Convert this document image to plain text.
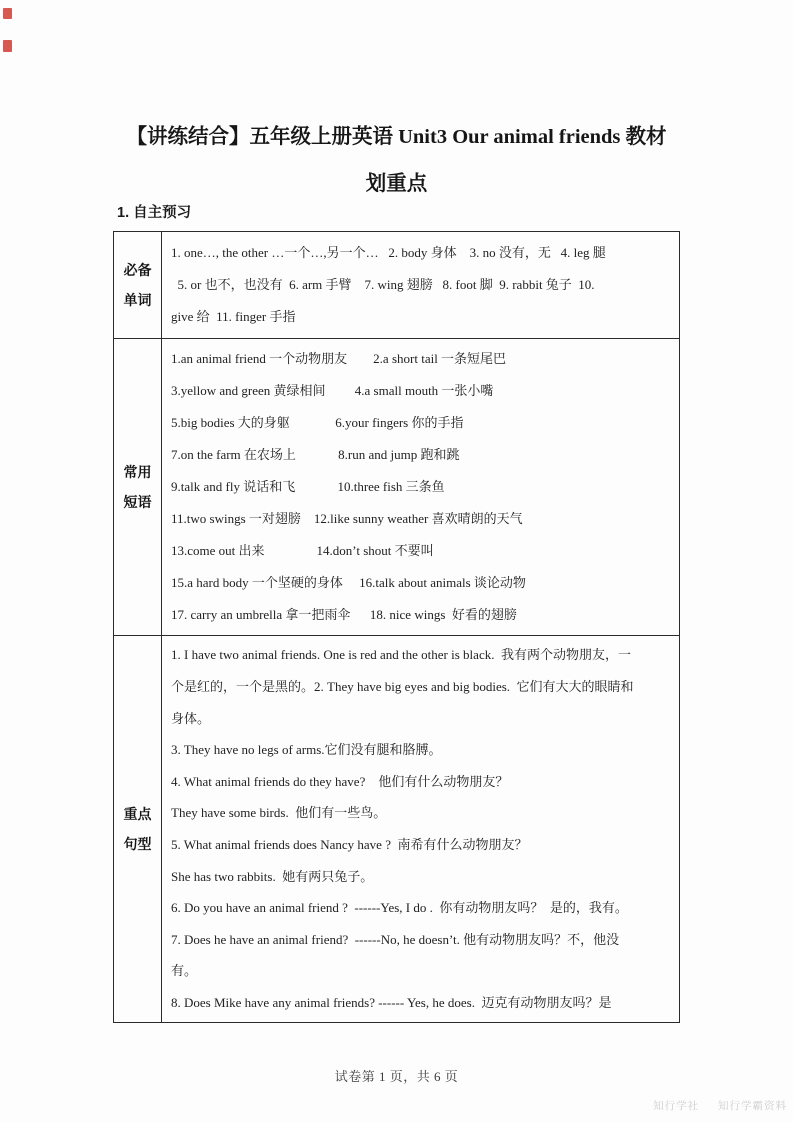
【讲练结合】五年级上册英语 Unit3 Our animal friends 教材
划重点
1. 自主预习
必备
单词

1. one…, the other …一个…,另一个…   2. body 身体    3. no 没有，无   4. leg 腿
5. or 也不，也没有  6. arm 手臂    7. wing 翅膀   8. foot 脚  9. rabbit 兔子  10.
give 给  11. finger 手指

常用
短语

1.an animal friend 一个动物朋友        2.a short tail 一条短尾巴
3.yellow and green 黄绿相间         4.a small mouth 一张小嘴
5.big bodies 大的身躯              6.your fingers 你的手指
7.on the farm 在农场上             8.run and jump 跑和跳
9.talk and fly 说话和飞             10.three fish 三条鱼
11.two swings 一对翅膀    12.like sunny weather 喜欢晴朗的天气
13.come out 出来                14.don’t shout 不要叫
15.a hard body 一个坚硬的身体     16.talk about animals 谈论动物
17. carry an umbrella 拿一把雨伞      18. nice wings  好看的翅膀

重点
句型

1. I have two animal friends. One is red and the other is black.  我有两个动物朋友，一
个是红的，一个是黑的。2. They have big eyes and big bodies.  它们有大大的眼睛和
身体。
3. They have no legs of arms.它们没有腿和胳膊。
4. What animal friends do they have?    他们有什么动物朋友？
They have some birds.  他们有一些鸟。
5. What animal friends does Nancy have ?  南希有什么动物朋友？
She has two rabbits.  她有两只兔子。
6. Do you have an animal friend ?  ------Yes, I do .  你有动物朋友吗？  是的，我有。
7. Does he have an animal friend?  ------No, he doesn’t. 他有动物朋友吗？不，他没
有。
8. Does Mike have any animal friends? ------ Yes, he does.  迈克有动物朋友吗？是
试卷第 1 页，共 6 页
知行学社 知行学霸资料
